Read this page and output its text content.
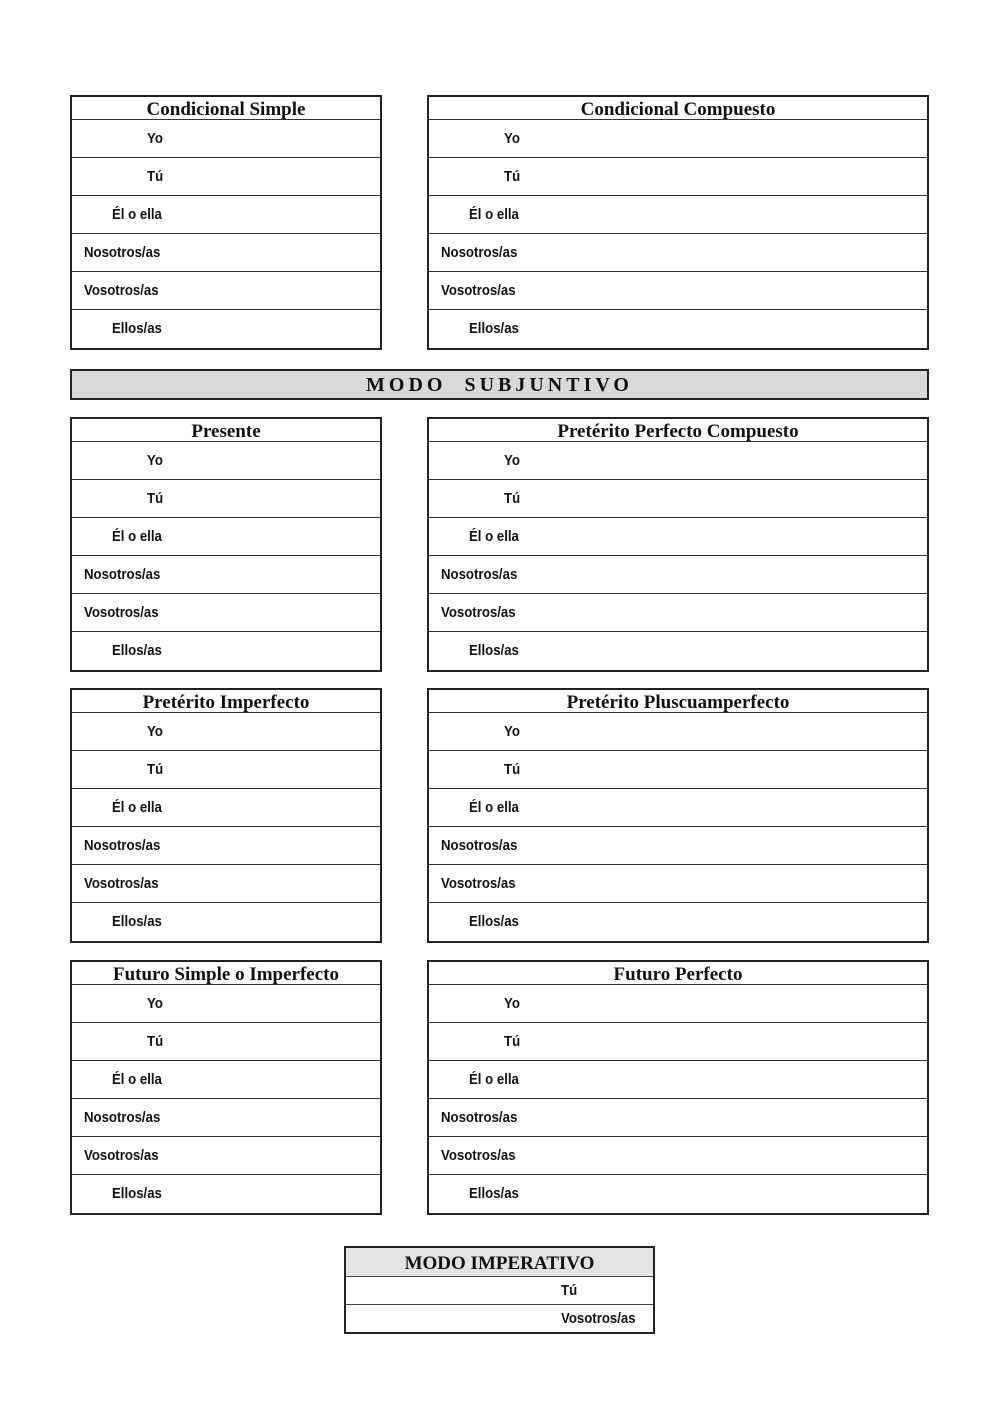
Condicional Simple
Yo
Tú
Él o ella
Nosotros/as
Vosotros/as
Ellos/as
Condicional Compuesto
Yo
Tú
Él o ella
Nosotros/as
Vosotros/as
Ellos/as
MODO  SUBJUNTIVO
Presente
Yo
Tú
Él o ella
Nosotros/as
Vosotros/as
Ellos/as
Pretérito Perfecto Compuesto
Yo
Tú
Él o ella
Nosotros/as
Vosotros/as
Ellos/as
Pretérito Imperfecto
Yo
Tú
Él o ella
Nosotros/as
Vosotros/as
Ellos/as
Pretérito Pluscuamperfecto
Yo
Tú
Él o ella
Nosotros/as
Vosotros/as
Ellos/as
Futuro Simple o Imperfecto
Yo
Tú
Él o ella
Nosotros/as
Vosotros/as
Ellos/as
Futuro Perfecto
Yo
Tú
Él o ella
Nosotros/as
Vosotros/as
Ellos/as
MODO IMPERATIVO
Tú
Vosotros/as
